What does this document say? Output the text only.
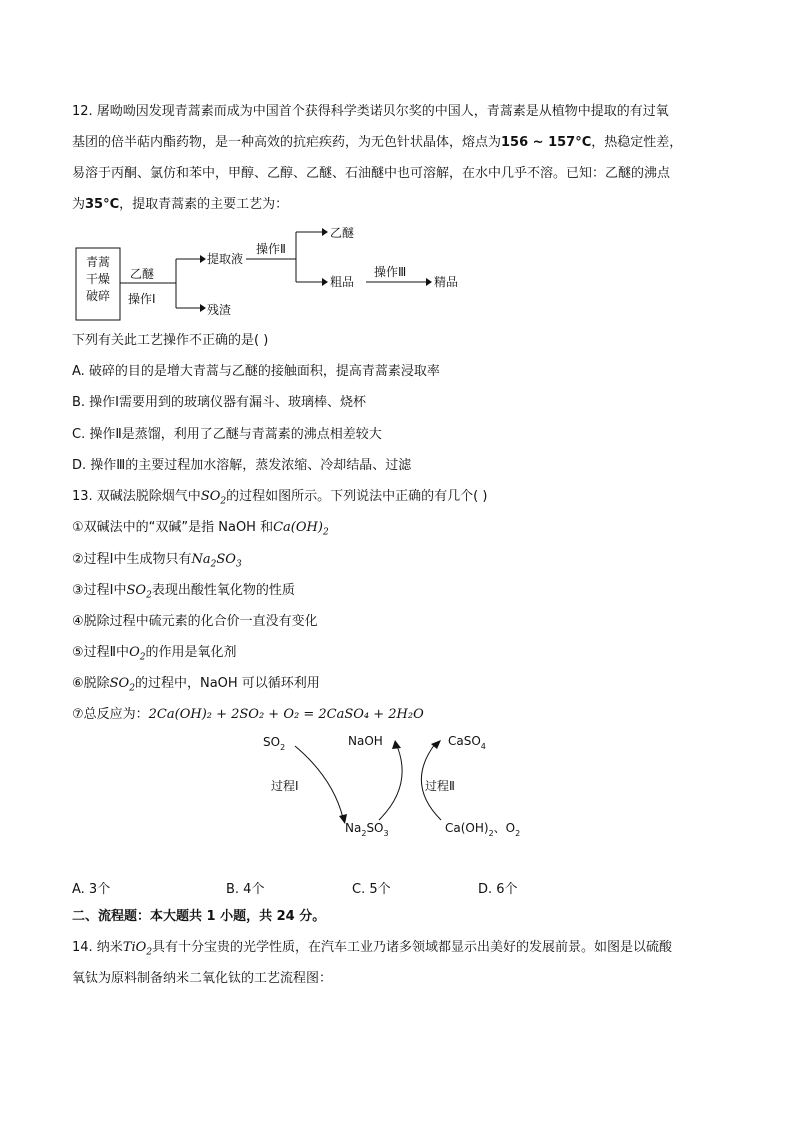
12. 屠呦呦因发现青蒿素而成为中国首个获得科学类诺贝尔奖的中国人，青蒿素是从植物中提取的有过氧
基团的倍半萜内酯药物，是一种高效的抗疟疾药，为无色针状晶体，熔点为156 ~ 157°C，热稳定性差，
易溶于丙酮、氯仿和苯中，甲醇、乙醇、乙醚、石油醚中也可溶解，在水中几乎不溶。已知：乙醚的沸点
为35°C，提取青蒿素的主要工艺为：
青蒿
干燥
破碎
乙醚
操作Ⅰ
提取液
残渣
操作Ⅱ
乙醚
粗品
操作Ⅲ
精品
下列有关此工艺操作不正确的是( )
A. 破碎的目的是增大青蒿与乙醚的接触面积，提高青蒿素浸取率
B. 操作Ⅰ需要用到的玻璃仪器有漏斗、玻璃棒、烧杯
C. 操作Ⅱ是蒸馏，利用了乙醚与青蒿素的沸点相差较大
D. 操作Ⅲ的主要过程加水溶解，蒸发浓缩、冷却结晶、过滤
13. 双碱法脱除烟气中$SO_2$的过程如图所示。下列说法中正确的有几个( )
①双碱法中的“双碱”是指 NaOH 和$Ca(OH)_2$
②过程Ⅰ中生成物只有$Na_2SO_3$
③过程Ⅰ中$SO_2$表现出酸性氧化物的性质
④脱除过程中硫元素的化合价一直没有变化
⑤过程Ⅱ中$O_2$的作用是氧化剂
⑥脱除$SO_2$的过程中，NaOH 可以循环利用
⑦总反应为：2Ca(OH)₂ + 2SO₂ + O₂ = 2CaSO₄ + 2H₂O
$SO_2$	NaOH	CaSO$_4$
过程Ⅰ	过程Ⅱ
$Na_2SO_3$	$Ca(OH)_2$、$O_2$
A. 3个	B. 4个	C. 5个	D. 6个
二、流程题：本大题共 1 小题，共 24 分。
14. 纳米TiO$_2$具有十分宝贵的光学性质，在汽车工业乃诸多领域都显示出美好的发展前景。如图是以硫酸
氧钛为原料制备纳米二氧化钛的工艺流程图：
